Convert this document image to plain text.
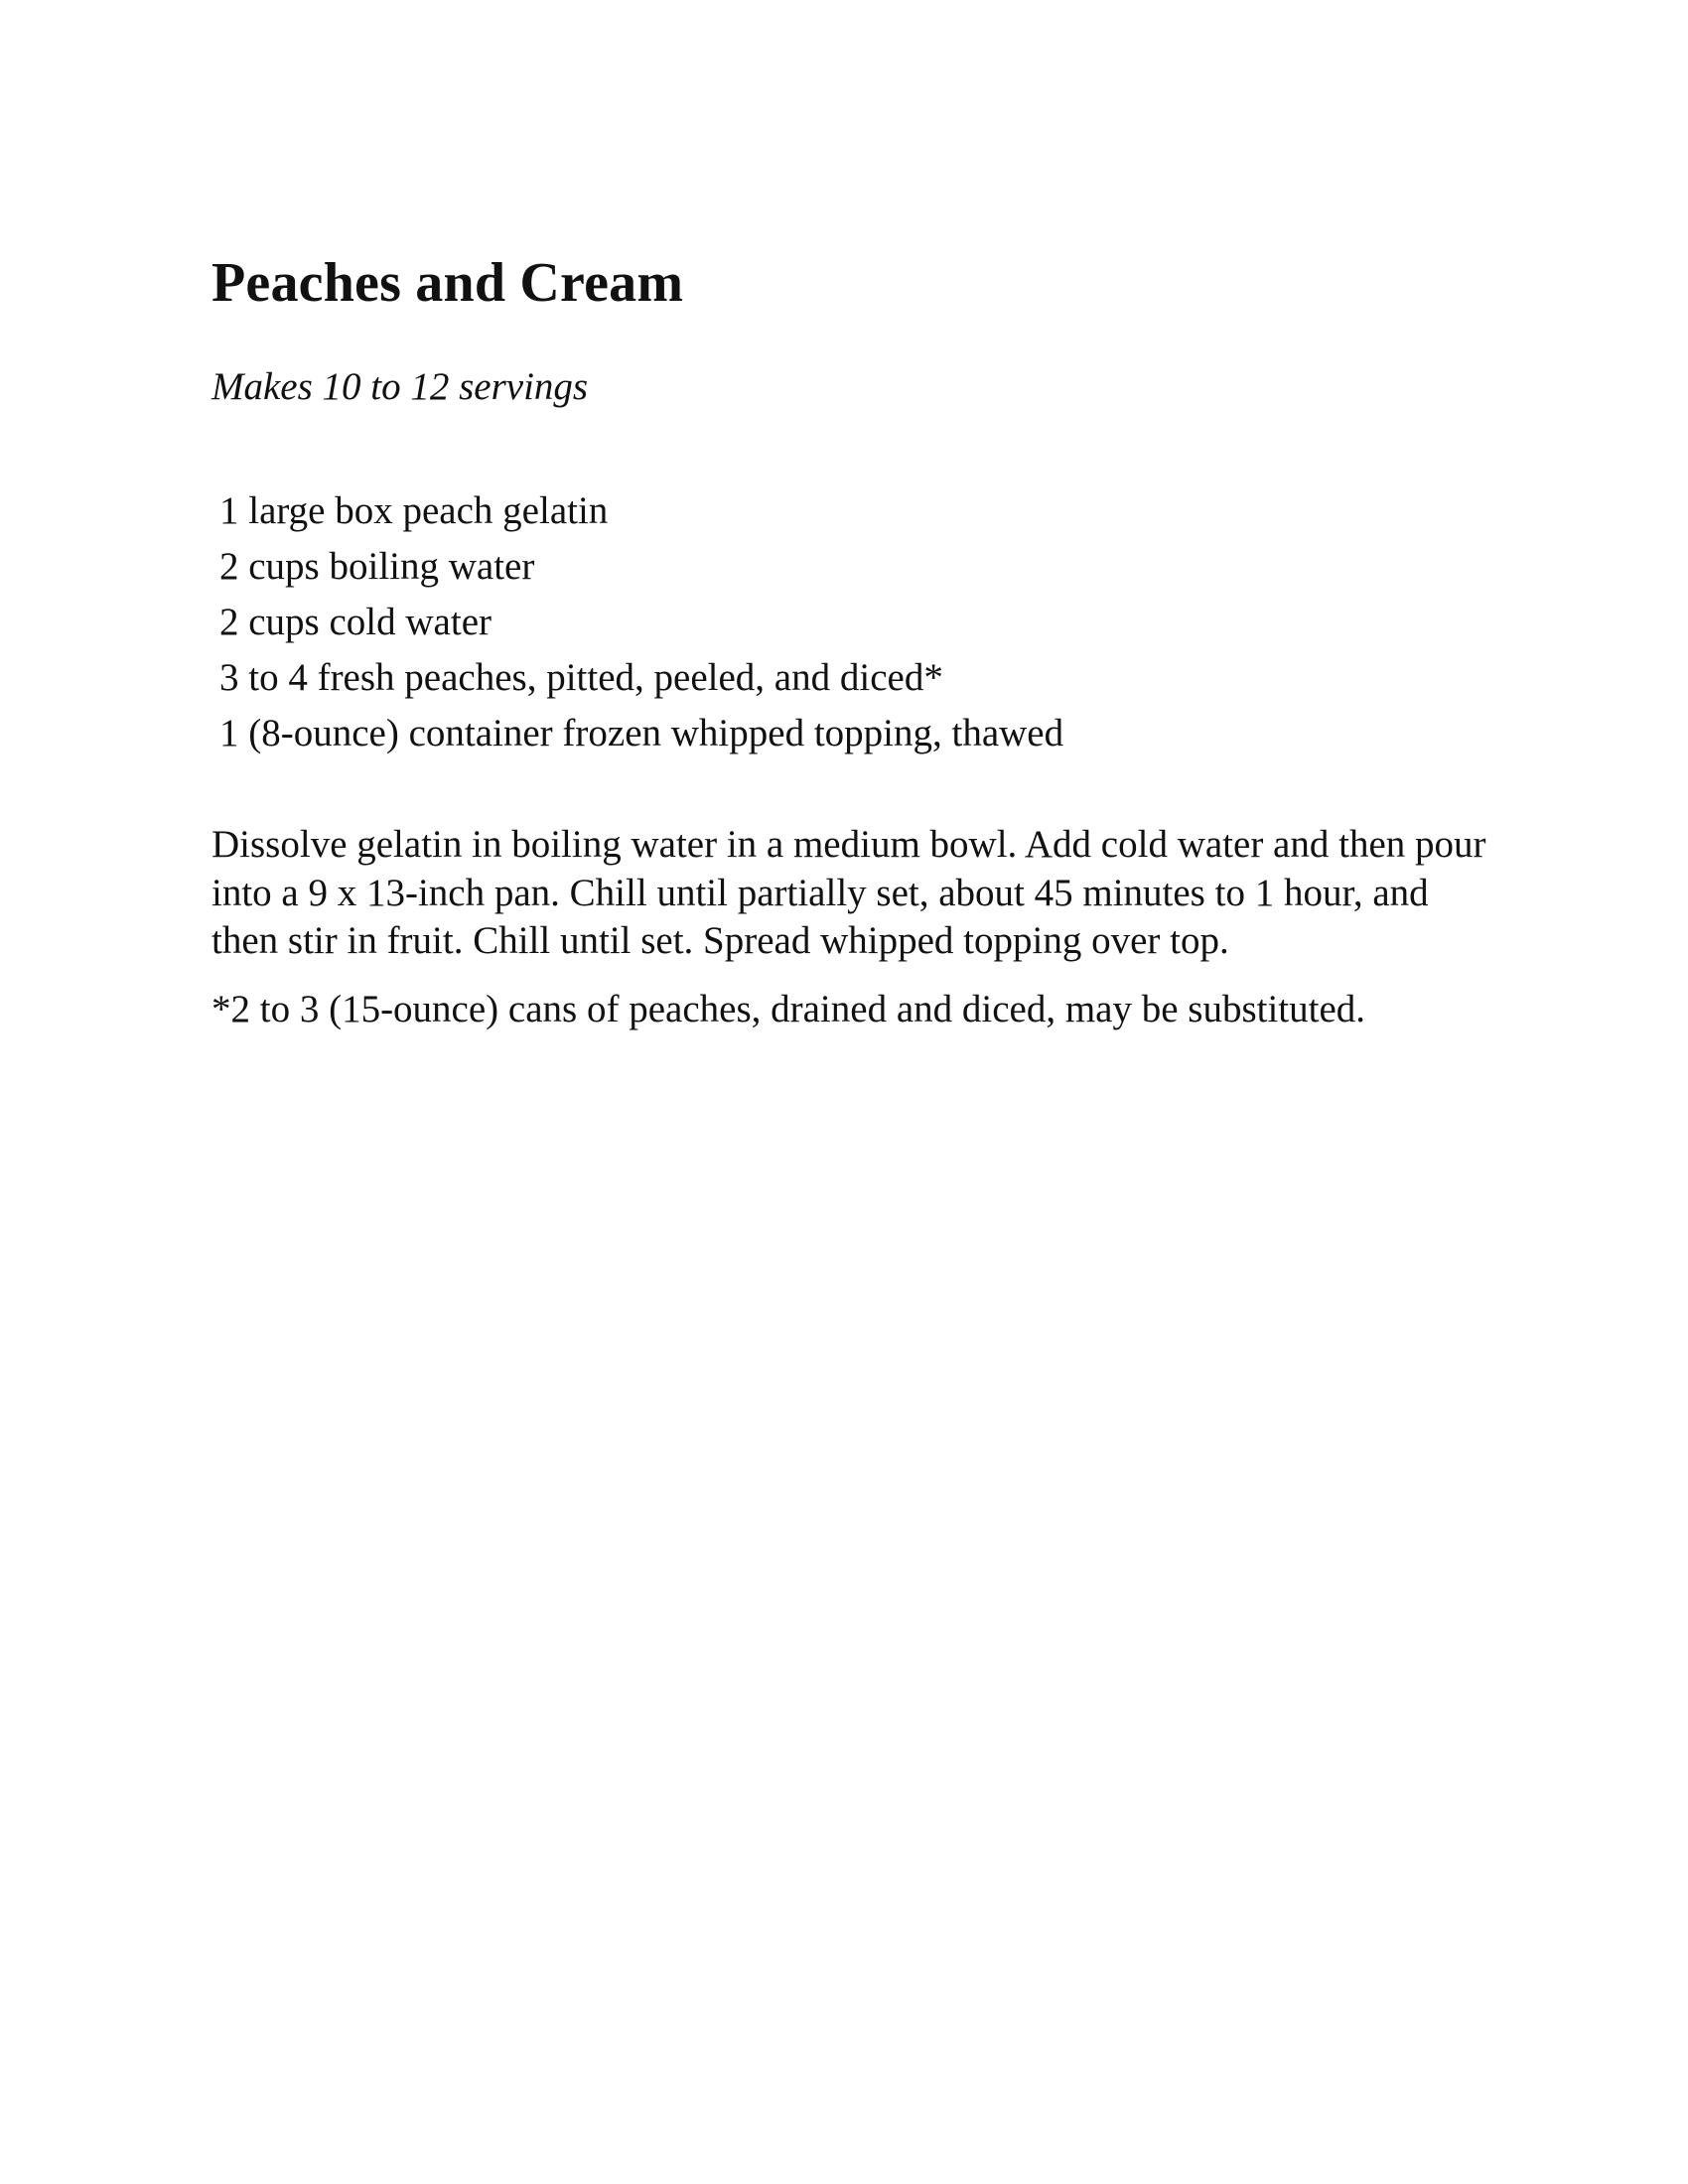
Peaches and Cream

Makes 10 to 12 servings

1 large box peach gelatin
2 cups boiling water
2 cups cold water
3 to 4 fresh peaches, pitted, peeled, and diced*
1 (8-ounce) container frozen whipped topping, thawed

Dissolve gelatin in boiling water in a medium bowl. Add cold water and then pour into a 9 x 13-inch pan. Chill until partially set, about 45 minutes to 1 hour, and then stir in fruit. Chill until set. Spread whipped topping over top.

*2 to 3 (15-ounce) cans of peaches, drained and diced, may be substituted.
